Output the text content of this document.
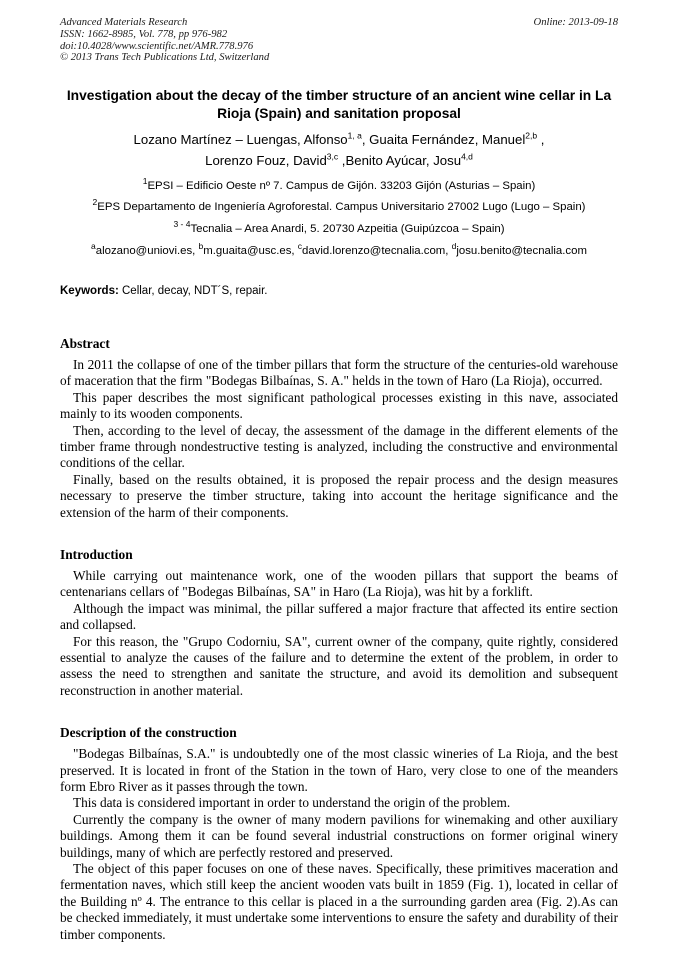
Advanced Materials Research
ISSN: 1662-8985, Vol. 778, pp 976-982
doi:10.4028/www.scientific.net/AMR.778.976
© 2013 Trans Tech Publications Ltd, Switzerland
Online: 2013-09-18
Investigation about the decay of the timber structure of an ancient wine cellar in La Rioja (Spain) and sanitation proposal
Lozano Martínez – Luengas, Alfonso$^{1, a}$, Guaita Fernández, Manuel$^{2,b}$ ,
Lorenzo Fouz, David$^{3,c}$ ,Benito Ayúcar, Josu$^{4,d}$
$^1$EPSI – Edificio Oeste nº 7. Campus de Gijón. 33203 Gijón (Asturias – Spain)
$^2$EPS Departamento de Ingeniería Agroforestal. Campus Universitario 27002 Lugo (Lugo – Spain)
$^{3 - 4}$Tecnalia – Area Anardi, 5. 20730 Azpeitia (Guipúzcoa – Spain)
$^a$alozano@uniovi.es, $^b$m.guaita@usc.es, $^c$david.lorenzo@tecnalia.com, $^d$josu.benito@tecnalia.com
Keywords: Cellar, decay, NDT´S, repair.
Abstract

In 2011 the collapse of one of the timber pillars that form the structure of the centuries-old warehouse of maceration that the firm "Bodegas Bilbaínas, S. A." helds in the town of Haro (La Rioja), occurred.

This paper describes the most significant pathological processes existing in this nave, associated mainly to its wooden components.

Then, according to the level of decay, the assessment of the damage in the different elements of the timber frame through nondestructive testing is analyzed, including the constructive and environmental conditions of the cellar.

Finally, based on the results obtained, it is proposed the repair process and the design measures necessary to preserve the timber structure, taking into account the heritage significance and the extension of the harm of their components.

Introduction

While carrying out maintenance work, one of the wooden pillars that support the beams of centenarians cellars of "Bodegas Bilbaínas, SA" in Haro (La Rioja), was hit by a forklift.

Although the impact was minimal, the pillar suffered a major fracture that affected its entire section and collapsed.

For this reason, the "Grupo Codorniu, SA", current owner of the company, quite rightly, considered essential to analyze the causes of the failure and to determine the extent of the problem, in order to assess the need to strengthen and sanitate the structure, and avoid its demolition and subsequent reconstruction in another material.

Description of the construction

"Bodegas Bilbaínas, S.A." is undoubtedly one of the most classic wineries of La Rioja, and the best preserved. It is located in front of the Station in the town of Haro, very close to one of the meanders form Ebro River as it passes through the town.

This data is considered important in order to understand the origin of the problem.

Currently the company is the owner of many modern pavilions for winemaking and other auxiliary buildings. Among them it can be found several industrial constructions on former original winery buildings, many of which are perfectly restored and preserved.

The object of this paper focuses on one of these naves. Specifically, these primitives maceration and fermentation naves, which still keep the ancient wooden vats built in 1859 (Fig. 1), located in cellar of the Building nº 4. The entrance to this cellar is placed in a the surrounding garden area (Fig. 2).As can be checked immediately, it must undertake some interventions to ensure the safety and durability of their timber components.
